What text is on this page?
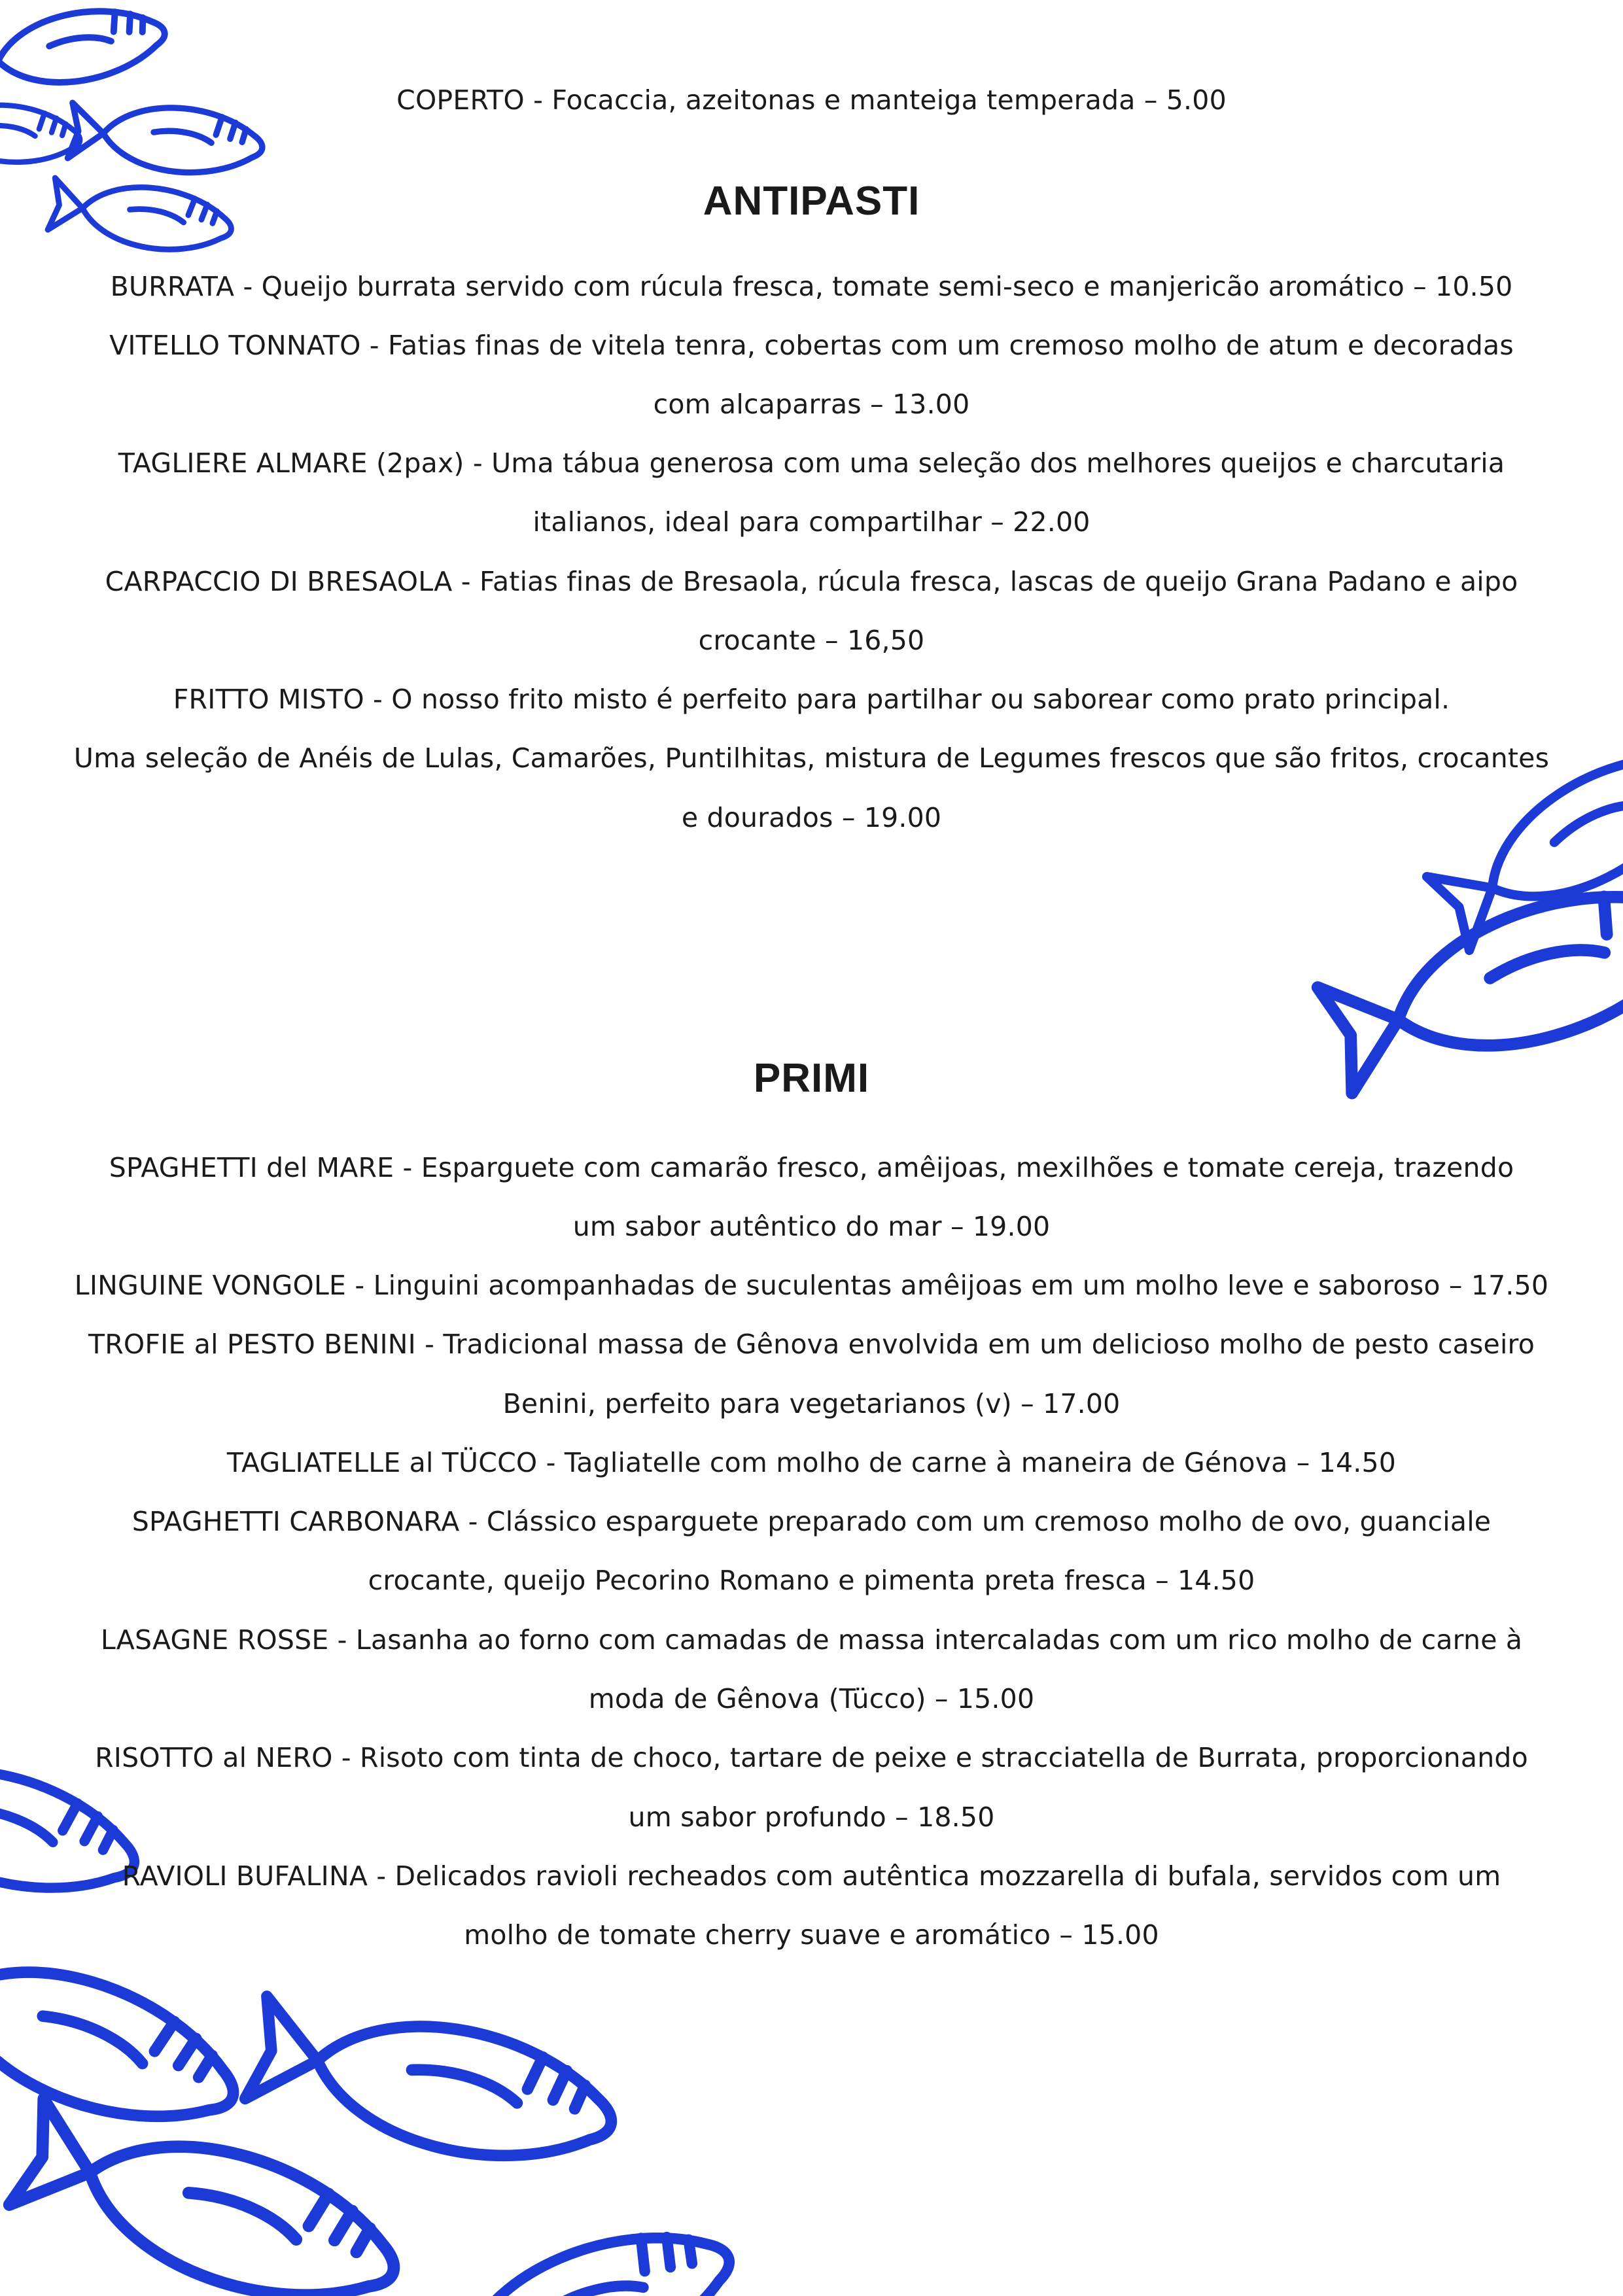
COPERTO - Focaccia, azeitonas e manteiga temperada – 5.00
ANTIPASTI
BURRATA - Queijo burrata servido com rúcula fresca, tomate semi-seco e manjericão aromático – 10.50
VITELLO TONNATO - Fatias finas de vitela tenra, cobertas com um cremoso molho de atum e decoradas
com alcaparras – 13.00
TAGLIERE ALMARE (2pax) - Uma tábua generosa com uma seleção dos melhores queijos e charcutaria
italianos, ideal para compartilhar – 22.00
CARPACCIO DI BRESAOLA - Fatias finas de Bresaola, rúcula fresca, lascas de queijo Grana Padano e aipo
crocante – 16,50
FRITTO MISTO - O nosso frito misto é perfeito para partilhar ou saborear como prato principal.
Uma seleção de Anéis de Lulas, Camarões, Puntilhitas, mistura de Legumes frescos que são fritos, crocantes
e dourados – 19.00
PRIMI
SPAGHETTI del MARE - Esparguete com camarão fresco, amêijoas, mexilhões e tomate cereja, trazendo
um sabor autêntico do mar – 19.00
LINGUINE VONGOLE - Linguini acompanhadas de suculentas amêijoas em um molho leve e saboroso – 17.50
TROFIE al PESTO BENINI - Tradicional massa de Gênova envolvida em um delicioso molho de pesto caseiro
Benini, perfeito para vegetarianos (v) – 17.00
TAGLIATELLE al TÜCCO - Tagliatelle com molho de carne à maneira de Génova – 14.50
SPAGHETTI CARBONARA - Clássico esparguete preparado com um cremoso molho de ovo, guanciale
crocante, queijo Pecorino Romano e pimenta preta fresca – 14.50
LASAGNE ROSSE - Lasanha ao forno com camadas de massa intercaladas com um rico molho de carne à
moda de Gênova (Tücco) – 15.00
RISOTTO al NERO - Risoto com tinta de choco, tartare de peixe e stracciatella de Burrata, proporcionando
um sabor profundo – 18.50
RAVIOLI BUFALINA - Delicados ravioli recheados com autêntica mozzarella di bufala, servidos com um
molho de tomate cherry suave e aromático – 15.00
